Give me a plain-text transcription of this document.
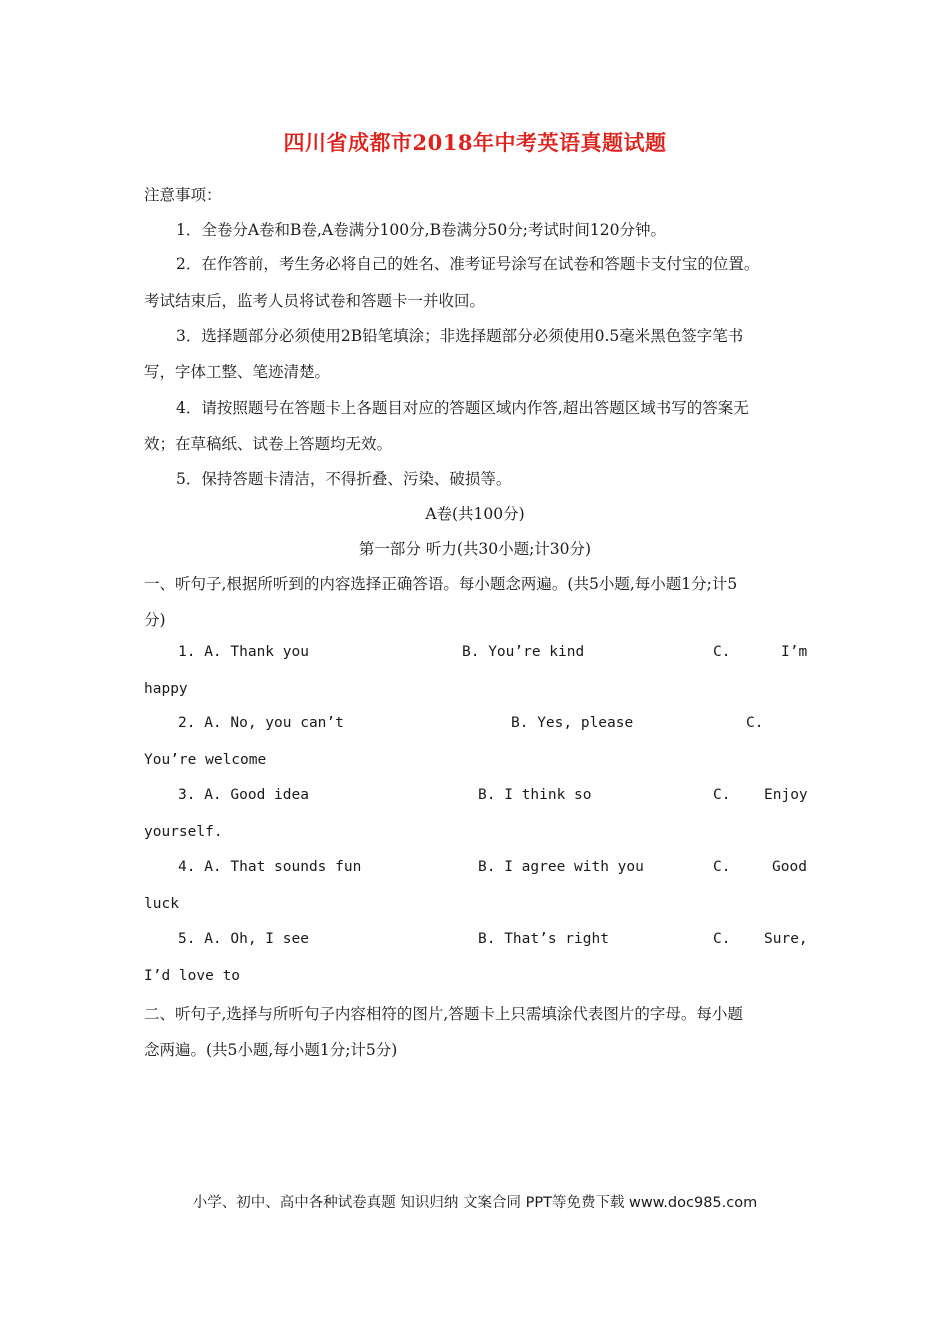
四川省成都市2018年中考英语真题试题
注意事项：
1．全卷分A卷和B卷,A卷满分100分,B卷满分50分;考试时间120分钟。
2．在作答前，考生务必将自己的姓名、准考证号涂写在试卷和答题卡支付宝的位置。
考试结束后，监考人员将试卷和答题卡一并收回。
3．选择题部分必须使用2B铅笔填涂；非选择题部分必须使用0.5毫米黑色签字笔书
写，字体工整、笔迹清楚。
4．请按照题号在答题卡上各题目对应的答题区域内作答,超出答题区域书写的答案无
效；在草稿纸、试卷上答题均无效。
5．保持答题卡清洁，不得折叠、污染、破损等。
A卷(共100分)
第一部分 听力(共30小题;计30分)
一、听句子,根据所听到的内容选择正确答语。每小题念两遍。(共5小题,每小题1分;计5
分)
1. A. Thank you	B. You’re kind	C.	I’m
happy
2. A. No, you can’t	B. Yes, please	C.
You’re welcome
3. A. Good idea	B. I think so	C. Enjoy
yourself.
4. A. That sounds fun	B. I agree with you	C.	Good
luck
5. A. Oh, I see	B. That’s right	C. Sure,
I’d love to
二、听句子,选择与所听句子内容相符的图片,答题卡上只需填涂代表图片的字母。每小题
念两遍。(共5小题,每小题1分;计5分)
小学、初中、高中各种试卷真题 知识归纳 文案合同 PPT等免费下载 www.doc985.com
